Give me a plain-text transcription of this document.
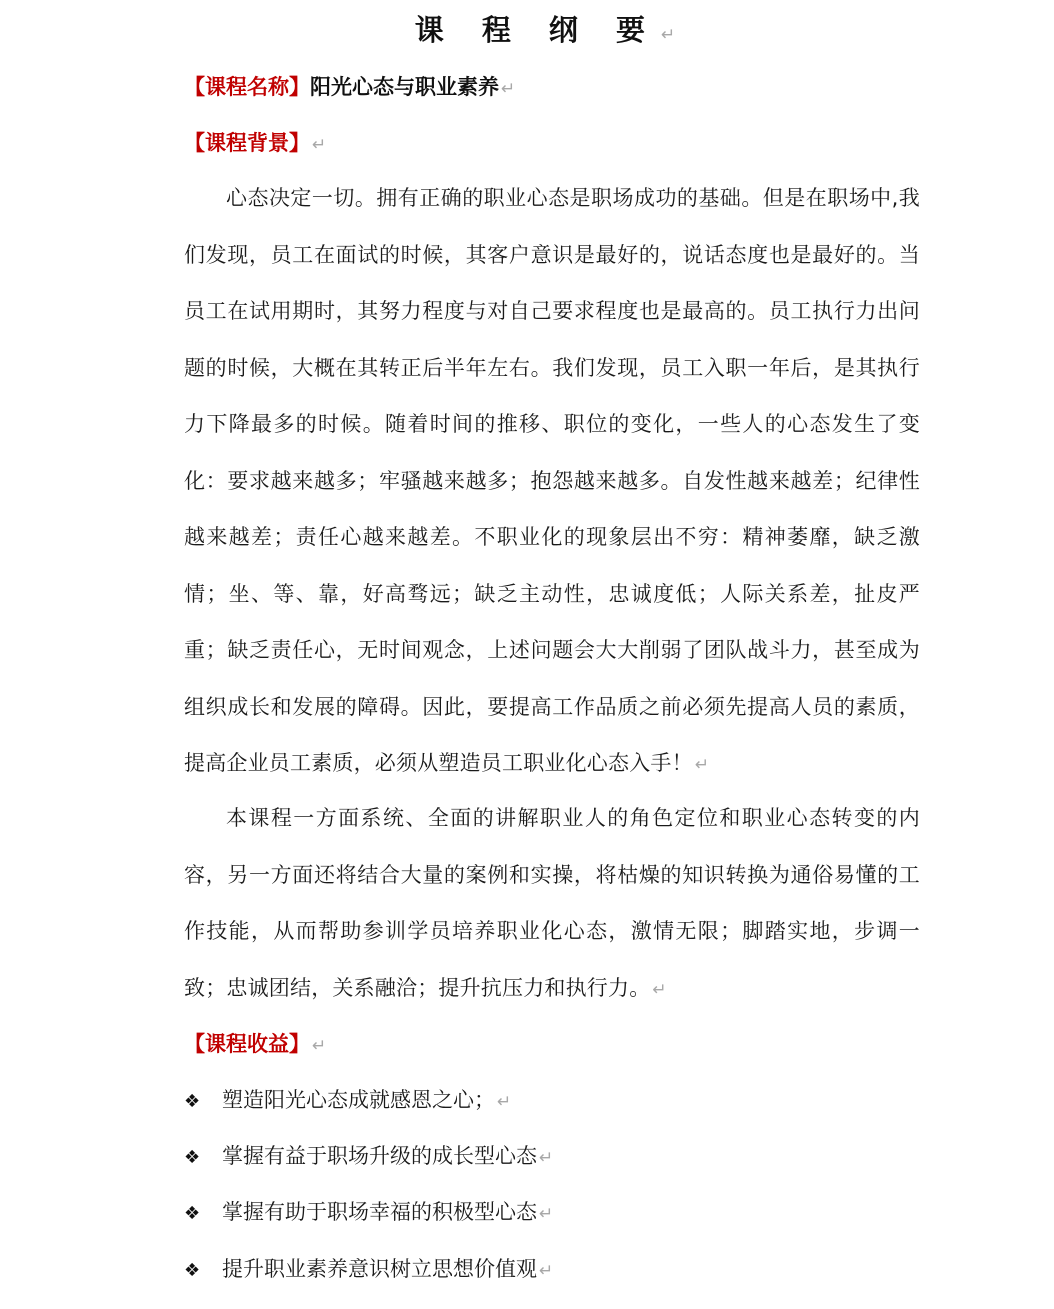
课 程 纲 要 ↵
【课程名称】阳光心态与职业素养 ↵
【课程背景】 ↵
心态决定一切。拥有正确的职业心态是职场成功的基础。但是在职场中,我们发现，员工在面试的时候，其客户意识是最好的，说话态度也是最好的。当员工在试用期时，其努力程度与对自己要求程度也是最高的。员工执行力出问题的时候，大概在其转正后半年左右。我们发现，员工入职一年后，是其执行力下降最多的时候。随着时间的推移、职位的变化，一些人的心态发生了变化：要求越来越多；牢骚越来越多；抱怨越来越多。自发性越来越差；纪律性越来越差；责任心越来越差。不职业化的现象层出不穷：精神萎靡，缺乏激情；坐、等、靠，好高骛远；缺乏主动性，忠诚度低；人际关系差，扯皮严重；缺乏责任心，无时间观念，上述问题会大大削弱了团队战斗力，甚至成为组织成长和发展的障碍。因此，要提高工作品质之前必须先提高人员的素质，提高企业员工素质，必须从塑造员工职业化心态入手！ ↵
本课程一方面系统、全面的讲解职业人的角色定位和职业心态转变的内容，另一方面还将结合大量的案例和实操，将枯燥的知识转换为通俗易懂的工作技能，从而帮助参训学员培养职业化心态，激情无限；脚踏实地，步调一致；忠诚团结，关系融洽；提升抗压力和执行力。 ↵
【课程收益】 ↵
❖ 塑造阳光心态成就感恩之心； ↵
❖ 掌握有益于职场升级的成长型心态 ↵
❖ 掌握有助于职场幸福的积极型心态 ↵
❖ 提升职业素养意识树立思想价值观 ↵
